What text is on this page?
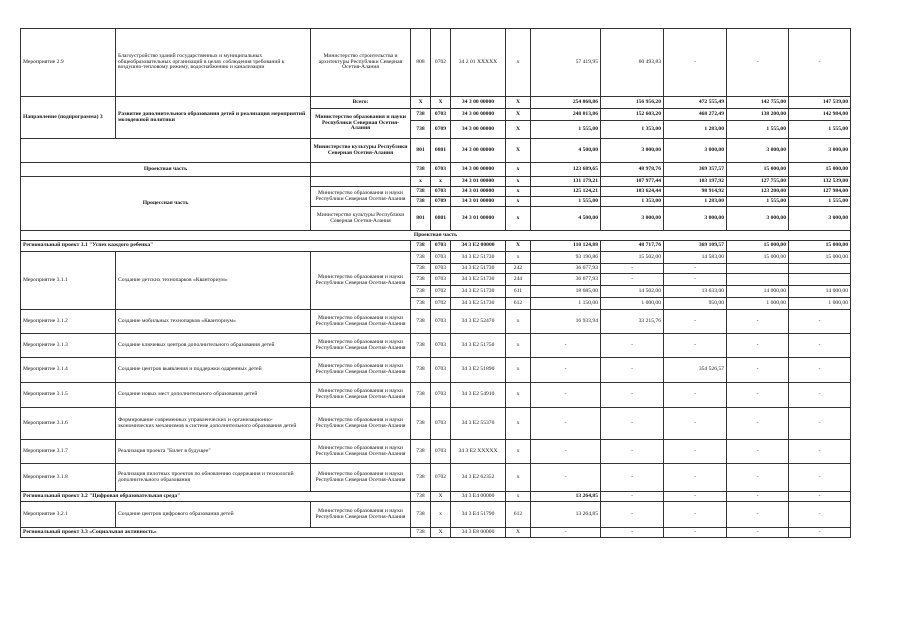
Мероприятие 2.9	Благоустройство зданий государственных и муниципальных общеобразовательных организаций в целях соблюдения требований к воздушно-тепловому режиму, водоснабжению и канализации	Министерство строительства и архитектуры Республики Северная Осетия-Алания	808	0702	34 2 01 XXXXX	x	57 419,95	60 493,83	-	-	-
Направление (подпрограмма) 3	Развитие дополнительного образования детей и реализация мероприятий молодежной политики	Всего:	X	X	34 3 00 00000	X	254 868,86	156 956,20	472 555,49	142 755,00	147 539,00
		Министерство образования и науки Республики Северная Осетия-Алания	738	0703	34 3 00 00000	X	248 813,86	152 603,20	468 272,49	138 200,00	142 984,00
			738	0709	34 3 00 00000	X	1 555,00	1 353,00	1 283,00	1 555,00	1 555,00
		Министерство культуры Республики Северная Осетия-Алания	801	0801	34 3 00 00000	X	4 500,00	3 000,00	3 000,00	3 000,00	3 000,00
Проектная часть			738	0703	34 3 00 00000	x	123 689,65	48 978,76	369 357,57	15 000,00	15 000,00
Процессная часть			x	x	34 3 01 00000	x	131 179,21	107 977,44	103 197,92	127 755,00	132 539,00
		Министерство образования и науки Республики Северная Осетия-Алания	738	0703	34 3 01 00000	x	125 124,21	103 624,44	98 914,92	123 200,00	127 984,00
			738	0709	34 3 01 00000	x	1 555,00	1 353,00	1 283,00	1 555,00	1 555,00
		Министерство культуры Республики Северная Осетия-Алания	801	0801	34 3 01 00000	x	4 500,00	3 000,00	3 000,00	3 000,00	3 000,00
Проектная часть											
Региональный проект 3.1 "Успех каждого ребенка"			738	0703	34 3 E2 00000	X	110 124,88	48 717,76	369 109,57	15 000,00	15 000,00
Мероприятие 3.1.1	Создание детских технопарков «Кванториум»	Министерство образования и науки Республики Северная Осетия-Алания	738	0703	34 3 E2 51730	x	93 190,86	15 502,00	14 583,00	15 000,00	15 000,00
			738	0703	34 3 E2 51730	242	36 677,93	-	-		
			738	0703	34 3 E2 51730	244	36 677,93	-	-		
			738	0702	34 3 E2 51730	611	18 685,00	14 502,00	13 633,00	14 000,00	14 000,00
			738	0702	34 3 E2 51730	612	1 150,00	1 000,00	950,00	1 000,00	1 000,00
Мероприятие 3.1.2	Создание мобильных технопарков «Кванториум»	Министерство образования и науки Республики Северная Осетия-Алания	738	0703	34 3 E2 52470	x	16 933,94	33 215,76	-	-	-
Мероприятие 3.1.3	Создание ключевых центров дополнительного образования детей	Министерство образования и науки Республики Северная Осетия-Алания	738	0703	34 3 E2 51750	x	-	-	-	-	-
Мероприятие 3.1.4	Создание центров выявления и поддержки одаренных детей	Министерство образования и науки Республики Северная Осетия-Алания	738	0703	34 3 E2 51890	x	-	-	354 526,57	-	-
Мероприятие 3.1.5	Создание новых мест дополнительного образования детей	Министерство образования и науки Республики Северная Осетия-Алания	738	0703	34 3 E2 54910	x	-	-	-	-	-
Мероприятие 3.1.6	Формирование современных управленческих и организационно-экономических механизмов в системе дополнительного образования детей	Министерство образования и науки Республики Северная Осетия-Алания	738	0703	34 3 E2 55370	x	-	-	-	-	-
Мероприятие 3.1.7	Реализация проекта "Билет в будущее"	Министерство образования и науки Республики Северная Осетия-Алания	738	0703	34 3 E2 XXXXX	x	-	-	-	-	-
Мероприятие 3.1.8	Реализация пилотных проектов по обновлению содержания и технологий дополнительного образования	Министерство образования и науки Республики Северная Осетия-Алания	738	0702	34 3 E2 62352	x	-	-	-	-	-
Региональный проект 3.2 "Цифровая образовательная среда"			738	X	34 3 E4 00000	x	13 264,85	-	-	-	-
Мероприятие 3.2.1	Создание центров цифрового образования детей	Министерство образования и науки Республики Северная Осетия-Алания	738	x	34 3 E4 51790	612	13 264,85	-	-	-	-
Региональный проект 3.3 «Социальная активность»			738	X	34 3 E8 00000	X	-	-	-	-	-
